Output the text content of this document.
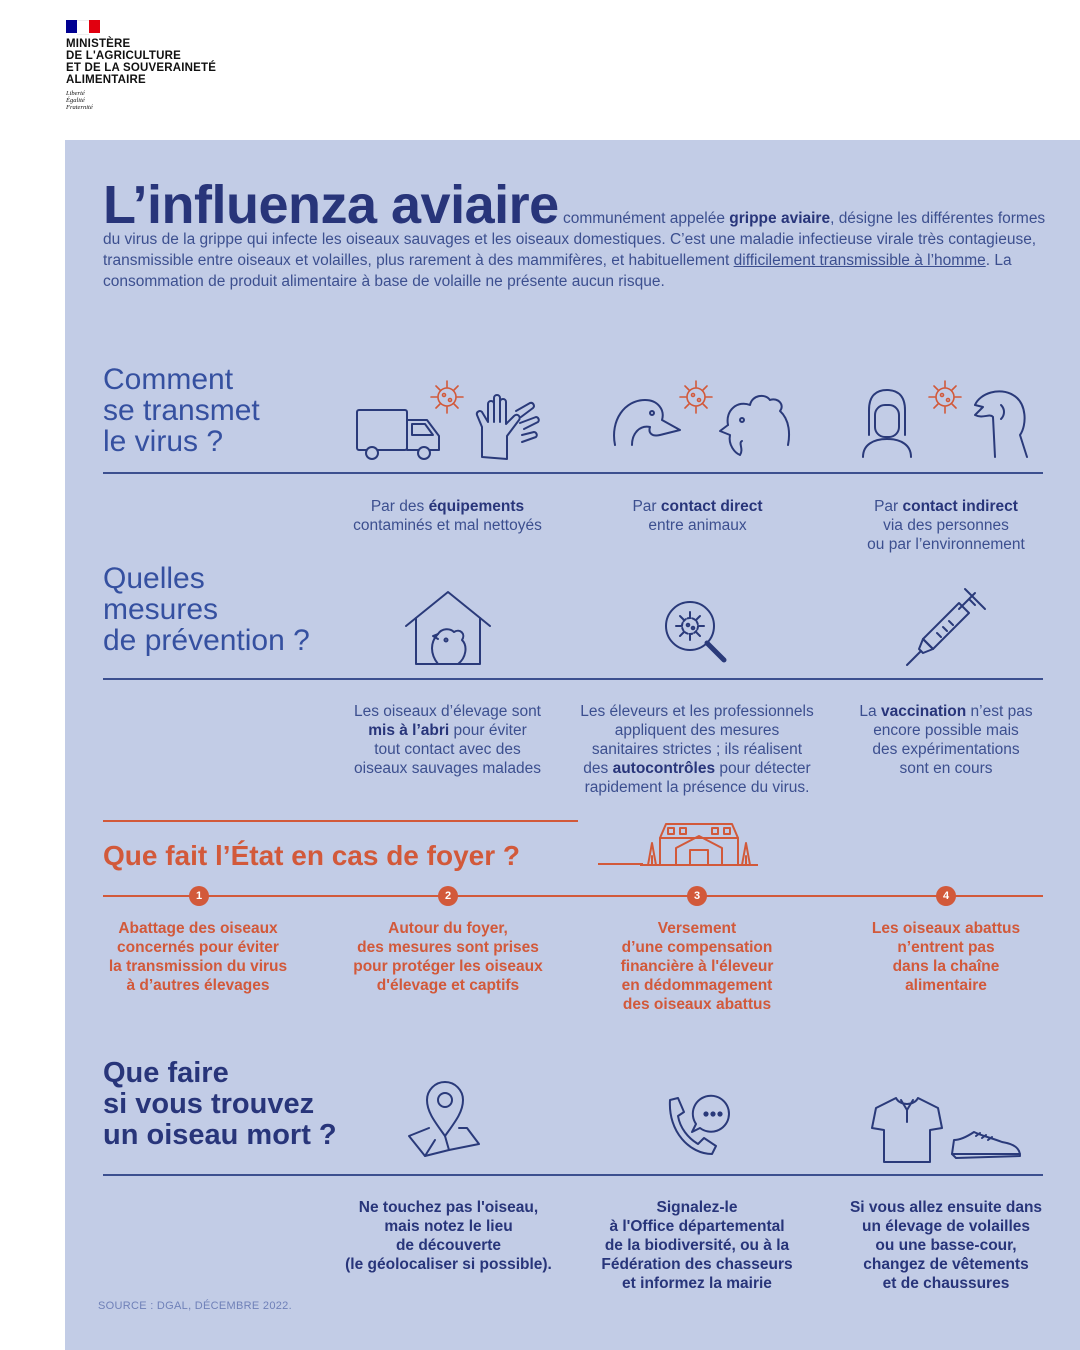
MINISTÈRE
DE L'AGRICULTURE
ET DE LA SOUVERAINETÉ
ALIMENTAIRE
Liberté
Égalité
Fraternité
L’influenza aviaire communément appelée grippe aviaire, désigne les différentes formes du virus de la grippe qui infecte les oiseaux sauvages et les oiseaux domestiques. C’est une maladie infectieuse virale très contagieuse, transmissible entre oiseaux et volailles, plus rarement à des mammifères, et habituellement difficilement transmissible à l’homme. La consommation de produit alimentaire à base de volaille ne présente aucun risque.
Comment
se transmet
le virus ?
Par des équipements
contaminés et mal nettoyés
Par contact direct
entre animaux
Par contact indirect
via des personnes
ou par l’environnement
Quelles
mesures
de prévention ?
Les oiseaux d’élevage sont
mis à l’abri pour éviter
tout contact avec des
oiseaux sauvages malades
Les éleveurs et les professionnels
appliquent des mesures
sanitaires strictes ; ils réalisent
des autocontrôles pour détecter
rapidement la présence du virus.
La vaccination n’est pas
encore possible mais
des expérimentations
sont en cours
Que fait l’État en cas de foyer ?
1	2	3	4
Abattage des oiseaux
concernés pour éviter
la transmission du virus
à d’autres élevages
Autour du foyer,
des mesures sont prises
pour protéger les oiseaux
d'élevage et captifs
Versement
d’une compensation
financière à l'éleveur
en dédommagement
des oiseaux abattus
Les oiseaux abattus
n’entrent pas
dans la chaîne
alimentaire
Que faire
si vous trouvez
un oiseau mort ?
Ne touchez pas l'oiseau,
mais notez le lieu
de découverte
(le géolocaliser si possible).
Signalez-le
à l'Office départemental
de la biodiversité, ou à la
Fédération des chasseurs
et informez la mairie
Si vous allez ensuite dans
un élevage de volailles
ou une basse-cour,
changez de vêtements
et de chaussures
SOURCE : DGAL, DÉCEMBRE 2022.
